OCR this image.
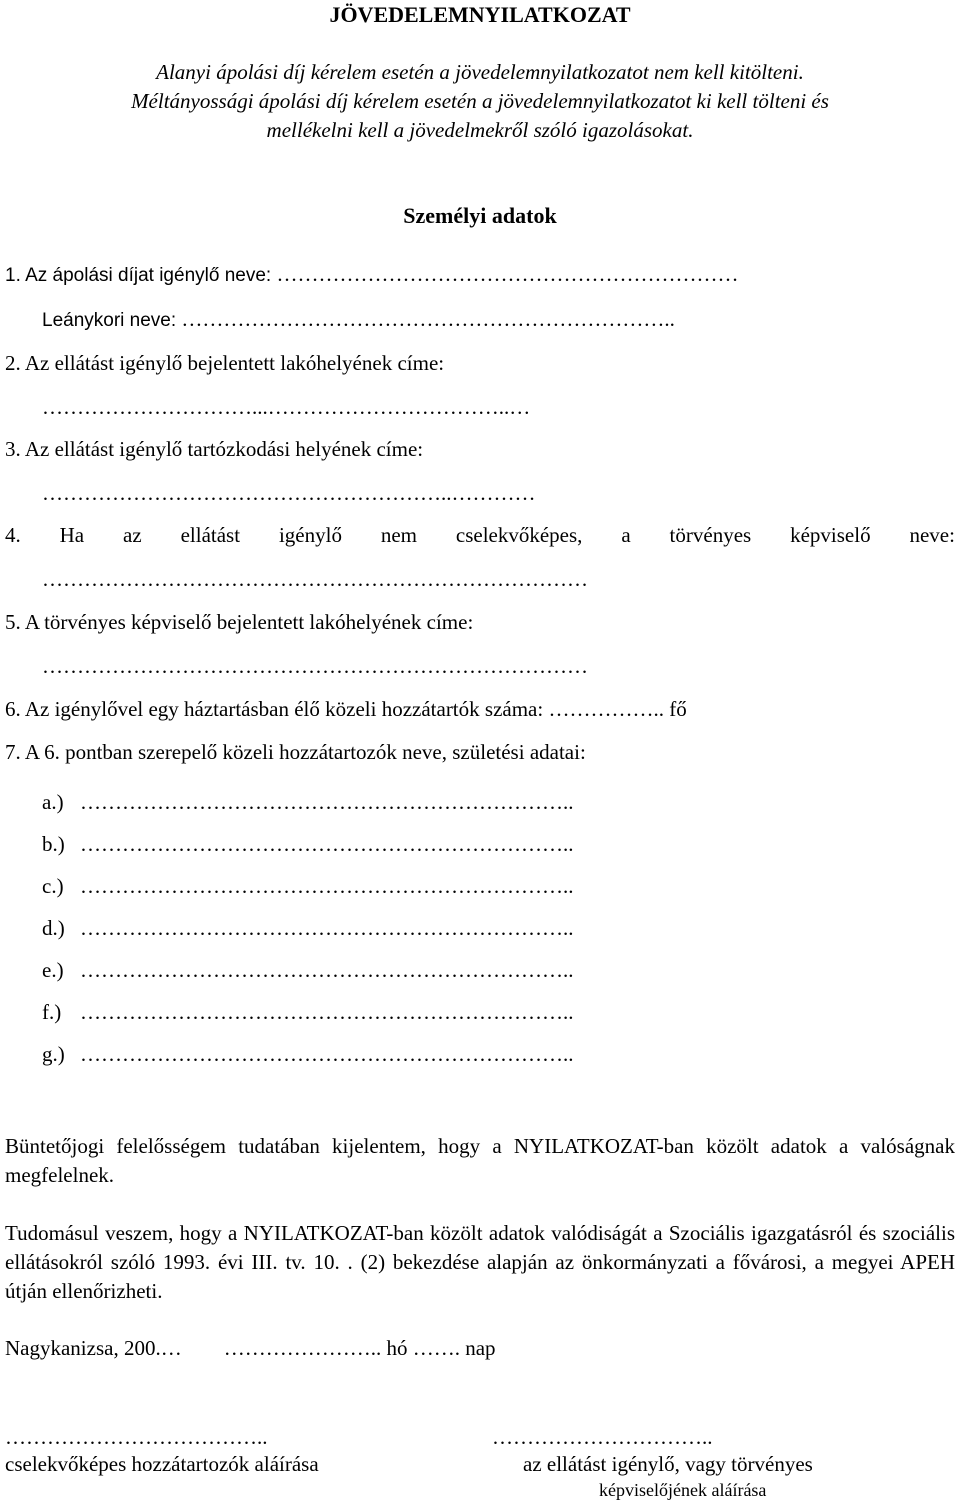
JÖVEDELEMNYILATKOZAT
Alanyi ápolási díj kérelem esetén a jövedelemnyilatkozatot nem kell kitölteni.
Méltányossági ápolási díj kérelem esetén a jövedelemnyilatkozatot ki kell tölteni és
mellékelni kell a jövedelmekről szóló igazolásokat.
Személyi adatok
1. Az ápolási díjat igénylő neve: …………………………………………………………
Leánykori neve: ……………………………………………………………..
2. Az ellátást igénylő bejelentett lakóhelyének címe:
…………………………...……………………………..…
3. Az ellátást igénylő tartózkodási helyének címe:
…………………………………………………..…………
4. Ha az ellátást igénylő nem cselekvőképes, a törvényes képviselő neve:
……………………………………………………………………
5. A törvényes képviselő bejelentett lakóhelyének címe:
……………………………………………………………………
6. Az igénylővel egy háztartásban élő közeli hozzátartók száma: …………….. fő
7. A 6. pontban szerepelő közeli hozzátartozók neve, születési adatai:
a.) ……………………………………………………………..
b.) ……………………………………………………………..
c.) ……………………………………………………………..
d.) ……………………………………………………………..
e.) ……………………………………………………………..
f.) ……………………………………………………………..
g.) ……………………………………………………………..
Büntetőjogi felelősségem tudatában kijelentem, hogy a NYILATKOZAT-ban közölt adatok a valóságnak megfelelnek.
Tudomásul veszem, hogy a NYILATKOZAT-ban közölt adatok valódiságát a Szociális igazgatásról és szociális ellátásokról szóló 1993. évi III. tv. 10. . (2) bekezdése alapján az önkormányzati a fővárosi, a megyei APEH útján ellenőrizheti.
Nagykanizsa, 200.…        ………………….. hó ……. nap
………………………………..
cselekvőképes hozzátartozók aláírása
…………………………..
az ellátást igénylő, vagy törvényes
képviselőjének aláírása
